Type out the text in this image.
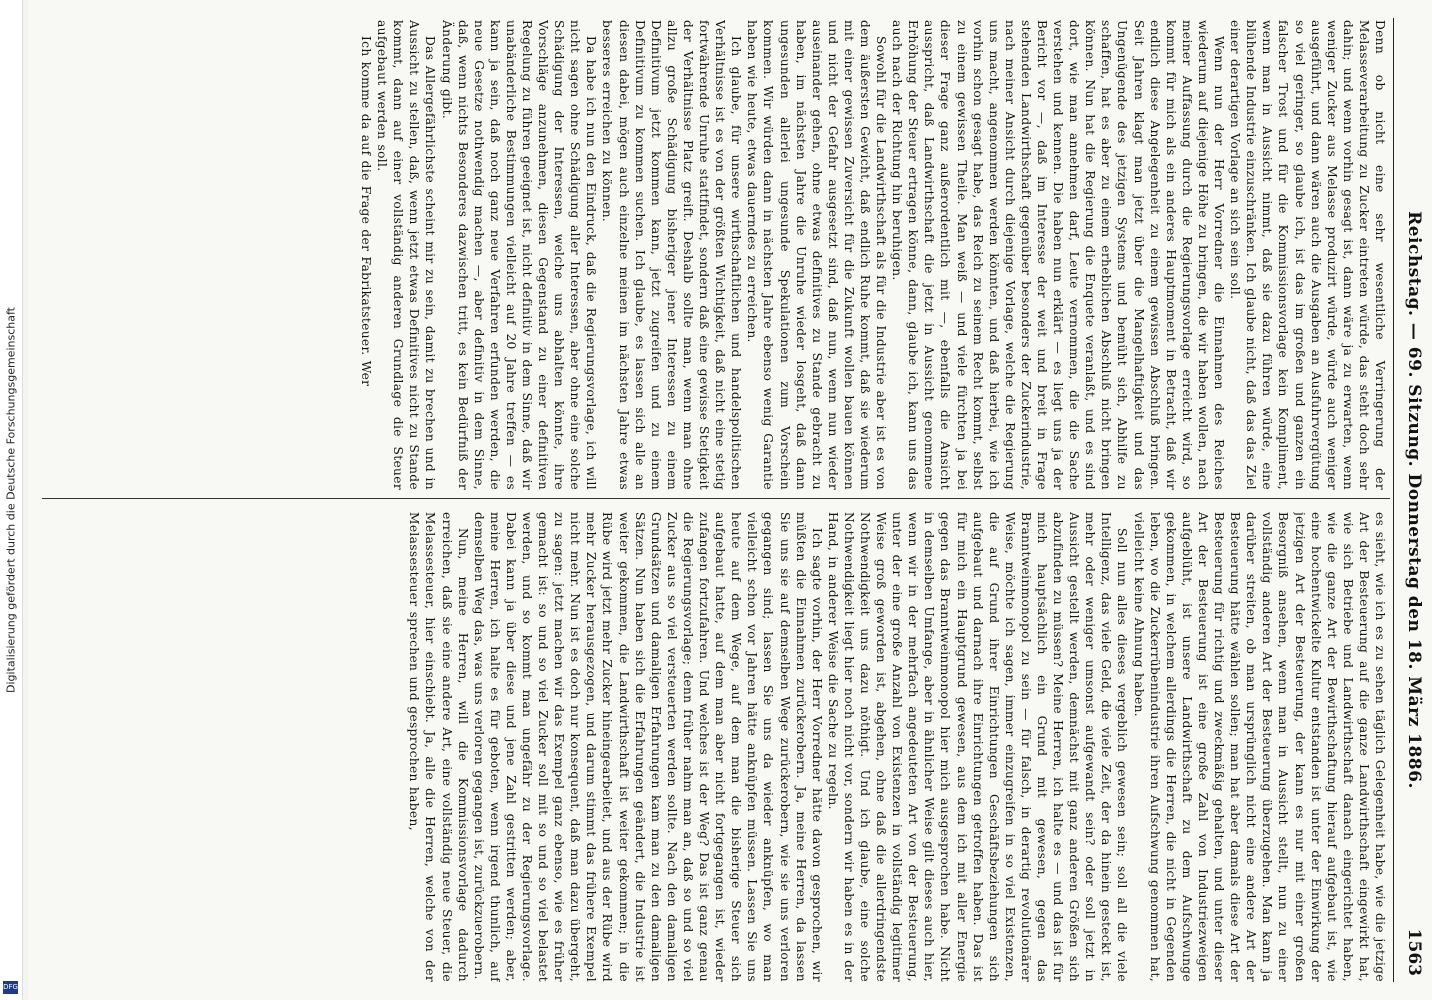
Digitalisierung gefördert durch die Deutsche Forschungsgemeinschaft
DFG
Reichstag. — 69. Sitzung. Donnerstag den 18. März 1886.
1563

Denn ob nicht eine sehr wesentliche Verringerung der Melasseverarbeitung zu Zucker eintreten würde, das steht doch sehr dahin; und wenn vorhin gesagt ist, dann wäre ja zu erwarten, wenn weniger Zucker aus Melasse produzirt würde, würde auch weniger ausgeführt, und dann wären auch die Ausgaben an Ausfuhrvergütung so viel geringer, so glaube ich, ist das im großen und ganzen ein falscher Trost und für die Kommissionsvorlage kein Kompliment, wenn man in Aussicht nimmt, daß sie dazu führen würde, eine blühende Industrie einzuschränken. Ich glaube nicht, daß das das Ziel einer derartigen Vorlage an sich sein soll.

Wenn nun der Herr Vorredner die Einnahmen des Reiches wiederum auf diejenige Höhe zu bringen, die wir haben wollen, nach meiner Auffassung durch die Regierungsvorlage erreicht wird, so kommt für mich als ein anderes Hauptmoment in Betracht, daß wir endlich diese Angelegenheit zu einem gewissen Abschluß bringen. Seit Jahren klagt man jetzt über die Mangelhaftigkeit und das Ungenügende des jetzigen Systems und bemüht sich, Abhilfe zu schaffen, hat es aber zu einem erheblichen Abschluß nicht bringen können. Nun hat die Regierung die Enquete veranlaßt, und es sind dort, wie man annehmen darf, Leute vernommen, die die Sache verstehen und kennen. Die haben nun erklärt — es liegt uns ja der Bericht vor —, daß im Interesse der weit und breit in Frage stehenden Landwirthschaft gegenüber besonders der Zuckerindustrie, nach meiner Ansicht durch diejenige Vorlage, welche die Regierung uns macht, angenommen werden könnten, und daß hierbei, wie ich vorhin schon gesagt habe, das Reich zu seinem Recht kommt, selbst zu einem gewissen Theile. Man weiß — und viele fürchten ja bei dieser Frage ganz außerordentlich mit —, ebenfalls die Ansicht ausspricht, daß Landwirthschaft die jetzt in Aussicht genommene Erhöhung der Steuer ertragen könne, dann, glaube ich, kann uns das auch nach der Richtung hin beruhigen.

Sowohl für die Landwirthschaft als für die Industrie aber ist es von dem äußersten Gewicht, daß endlich Ruhe kommt, daß sie wiederum mit einer gewissen Zuversicht für die Zukunft wollen bauen können und nicht der Gefahr ausgesetzt sind, daß nun, wenn nun wieder auseinander gehen, ohne etwas definitives zu Stande gebracht zu haben, im nächsten Jahre die Unruhe wieder losgeht, daß dann ungesunden allerlei ungesunde Spekulationen zum Vorschein kommen. Wir würden dann in nächsten Jahre ebenso wenig Garantie haben wie heute, etwas dauerndes zu erreichen.

Ich glaube, für unsere wirthschaftlichen und handelspolitischen Verhältnisse ist es von der größten Wichtigkeit, daß nicht eine stetig fortwährende Unruhe stattfindet, sondern daß eine gewisse Stetigkeit der Verhältnisse Platz greift. Deshalb sollte man, wenn man ohne allzu große Schädigung bisheriger jener Interessen zu einem Definitivum jetzt kommen kann, jetzt zugreifen und zu einem Definitivum zu kommen suchen. Ich glaube, es lassen sich alle an diesen dabei, mögen auch einzelne meinen im nächsten Jahre etwas besseres erreichen zu können.

Da habe ich nun den Eindruck, daß die Regierungsvorlage, ich will nicht sagen ohne Schädigung aller Interessen, aber ohne eine solche Schädigung der Interessen, welche uns abhalten könnte, ihre Vorschläge anzunehmen, diesen Gegenstand zu einer definitiven Regelung zu führen geeignet ist, nicht definitiv in dem Sinne, daß wir unabänderliche Bestimmungen vielleicht auf 20 Jahre treffen — es kann ja sein, daß noch ganz neue Verfahren erfunden werden, die neue Gesetze nothwendig machen —, aber definitiv in dem Sinne, daß, wenn nichts Besonderes dazwischen tritt, es kein Bedürfniß der Änderung gibt.

Das Allergefährlichste scheint mir zu sein, damit zu brechen und in Aussicht zu stellen, daß, wenn jetzt etwas Definitives nicht zu Stande kommt, dann auf einer vollständig anderen Grundlage die Steuer aufgebaut werden soll.

Ich komme da auf die Frage der Fabrikatsteuer. Wer

es sieht, wie ich es zu sehen täglich Gelegenheit habe, wie die jetzige Art der Besteuerung auf die ganze Landwirthschaft eingewirkt hat, wie sich Betriebe und Landwirthschaft danach eingerichtet haben, wie die ganze Art der Bewirthschaftung hierauf aufgebaut ist, wie eine hochentwickelte Kultur entstanden ist unter der Einwirkung der jetzigen Art der Besteuerung, der kann es nur mit einer großen Besorgniß ansehen, wenn man in Aussicht stellt, nun zu einer vollständig anderen Art der Besteuerung überzugehen. Man kann ja darüber streiten, ob man ursprünglich nicht eine andere Art der Besteuerung hätte wählen sollen; man hat aber damals diese Art der Besteuerung für richtig und zweckmäßig gehalten, und unter dieser Art der Besteuerung ist eine große Zahl von Industriezweigen aufgeblüht, ist unsere Landwirthschaft zu dem Aufschwunge gekommen, in welchem allerdings die Herren, die nicht in Gegenden leben, wo die Zuckerrübenindustrie ihren Aufschwung genommen hat, vielleicht keine Ahnung haben.

Soll nun alles dieses vergeblich gewesen sein; soll all die viele Intelligenz, das viele Geld, die viele Zeit, der da hinein gesteckt ist, mehr oder weniger umsonst aufgewandt sein? oder soll jetzt in Aussicht gestellt werden, demnächst mit ganz anderen Größen sich abzufinden zu müssen? Meine Herren, ich halte es — und das ist für mich hauptsächlich ein Grund mit gewesen, gegen das Branntweinmonopol zu sein — für falsch, in derartig revolutionärer Weise, möchte ich sagen, immer einzugreifen in so viel Existenzen, die auf Grund ihrer Einrichtungen Geschäftsbeziehungen sich aufgebaut und darnach ihre Einrichtungen getroffen haben. Das ist für mich ein Hauptgrund gewesen, aus dem ich mit aller Energie gegen das Branntweinmonopol hier mich ausgesprochen habe. Nicht in demselben Umfange, aber in ähnlicher Weise gilt dieses auch hier, wenn wir in der mehrfach angedeuteten Art von der Besteuerung, unter der eine große Anzahl von Existenzen in vollständig legitimer Weise groß geworden ist, abgehen, ohne daß die allerdringendste Nothwendigkeit uns dazu nöthigt. Und ich glaube, eine solche Nothwendigkeit liegt hier noch nicht vor, sondern wir haben es in der Hand, in anderer Weise die Sache zu regeln.

Ich sagte vorhin, der Herr Vorredner hätte davon gesprochen, wir müßten die Einnahmen zurückerobern. Ja, meine Herren, da lassen Sie uns sie auf demselben Wege zurückerobern, wie sie uns verloren gegangen sind; lassen Sie uns da wieder anknüpfen, wo man vielleicht schon vor Jahren hätte anknüpfen müssen. Lassen Sie uns heute auf dem Wege, auf dem man die bisherige Steuer sich aufgebaut hatte, auf dem man aber nicht fortgegangen ist, wieder zufangen fortzufahren. Und welches ist der Weg? Das ist ganz genau die Regierungsvorlage; denn früher nahm man an, daß so und so viel Zucker aus so viel versteuerten werden sollte. Nach den damaligen Grundsätzen und damaligen Erfahrungen kam man zu den damaligen Sätzen. Nun haben sich die Erfahrungen geändert, die Industrie ist weiter gekommen, die Landwirthschaft ist weiter gekommen; in die Rübe wird jetzt mehr Zucker hineingearbeitet, und aus der Rübe wird mehr Zucker herausgezogen, und darum stimmt das frühere Exempel nicht mehr. Nun ist es doch nur konsequent, daß man dazu übergeht, zu sagen: jetzt machen wir das Exempel ganz ebenso, wie es früher gemacht ist: so und so viel Zucker soll mit so und so viel belastet werden, und so kommt man ungefähr zu der Regierungsvorlage. Dabei kann ja über diese und jene Zahl gestritten werden; aber, meine Herren, ich halte es für geboten, wenn irgend thunlich, auf demselben Weg das, was uns verloren gegangen ist, zurückzuerobern.

Nun, meine Herren, will die Kommissionsvorlage dadurch erreichen, daß sie eine andere Art, eine vollständig neue Steuer, die Melassesteuer, hier einschiebt. Ja, alle die Herren, welche von der Melassesteuer sprechen und gesprochen haben,
